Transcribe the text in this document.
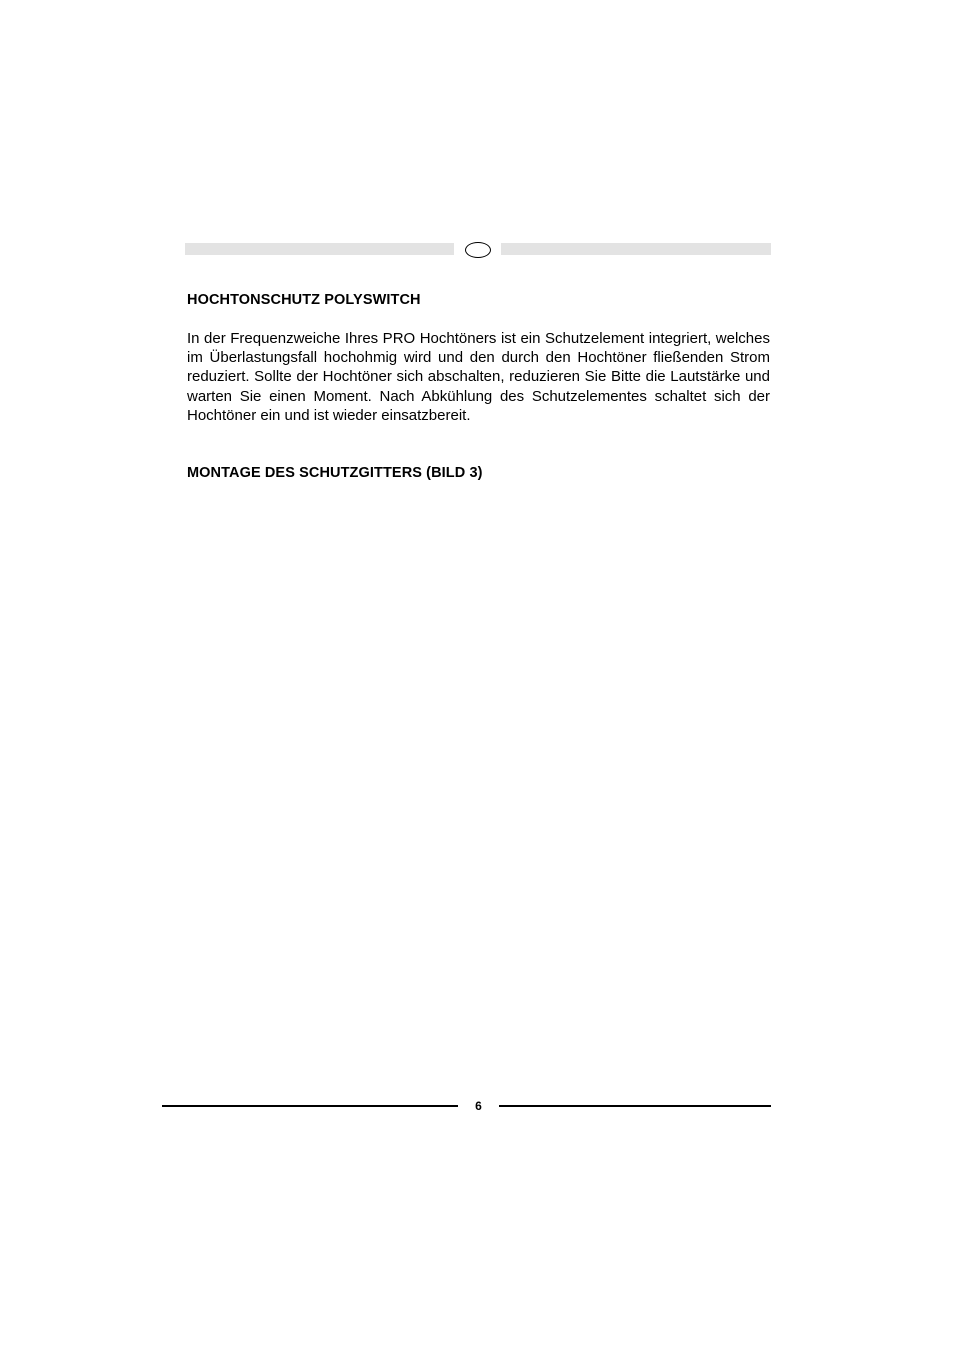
HOCHTONSCHUTZ POLYSWITCH

In der Frequenzweiche Ihres PRO Hochtöners ist ein Schutzelement integriert, welches im Überlastungsfall hochohmig wird und den durch den Hochtöner fließenden Strom reduziert. Sollte der Hochtöner sich abschalten, reduzieren Sie Bitte die Lautstärke und warten Sie einen Moment. Nach Abkühlung des Schutzelementes schaltet sich der Hochtöner ein und ist wieder einsatzbereit.

MONTAGE DES SCHUTZGITTERS (BILD 3)
6
